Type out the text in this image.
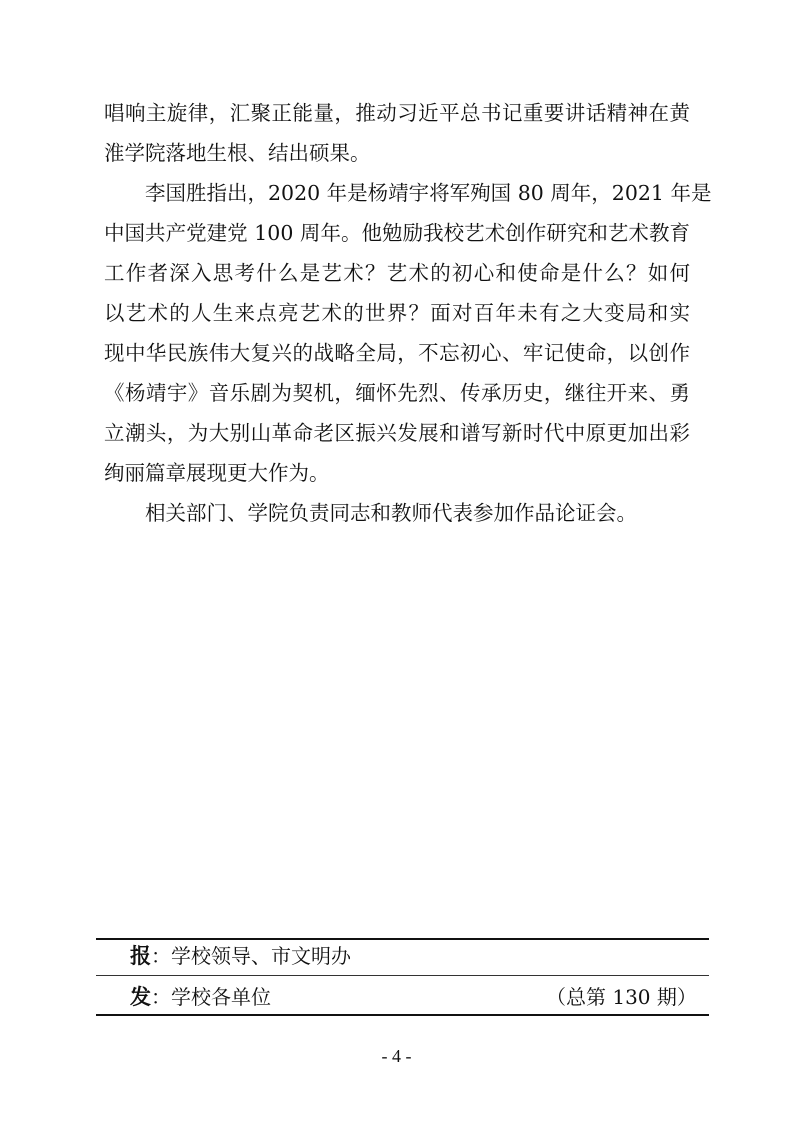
唱响主旋律，汇聚正能量，推动习近平总书记重要讲话精神在黄
淮学院落地生根、结出硕果。
　　李国胜指出，2020 年是杨靖宇将军殉国 80 周年，2021 年是
中国共产党建党 100 周年。他勉励我校艺术创作研究和艺术教育
工作者深入思考什么是艺术？艺术的初心和使命是什么？如何
以艺术的人生来点亮艺术的世界？面对百年未有之大变局和实
现中华民族伟大复兴的战略全局，不忘初心、牢记使命，以创作
《杨靖宇》音乐剧为契机，缅怀先烈、传承历史，继往开来、勇
立潮头，为大别山革命老区振兴发展和谱写新时代中原更加出彩
绚丽篇章展现更大作为。
　　相关部门、学院负责同志和教师代表参加作品论证会。
报：学校领导、市文明办
发：学校各单位	（总第 130 期）
- 4 -
